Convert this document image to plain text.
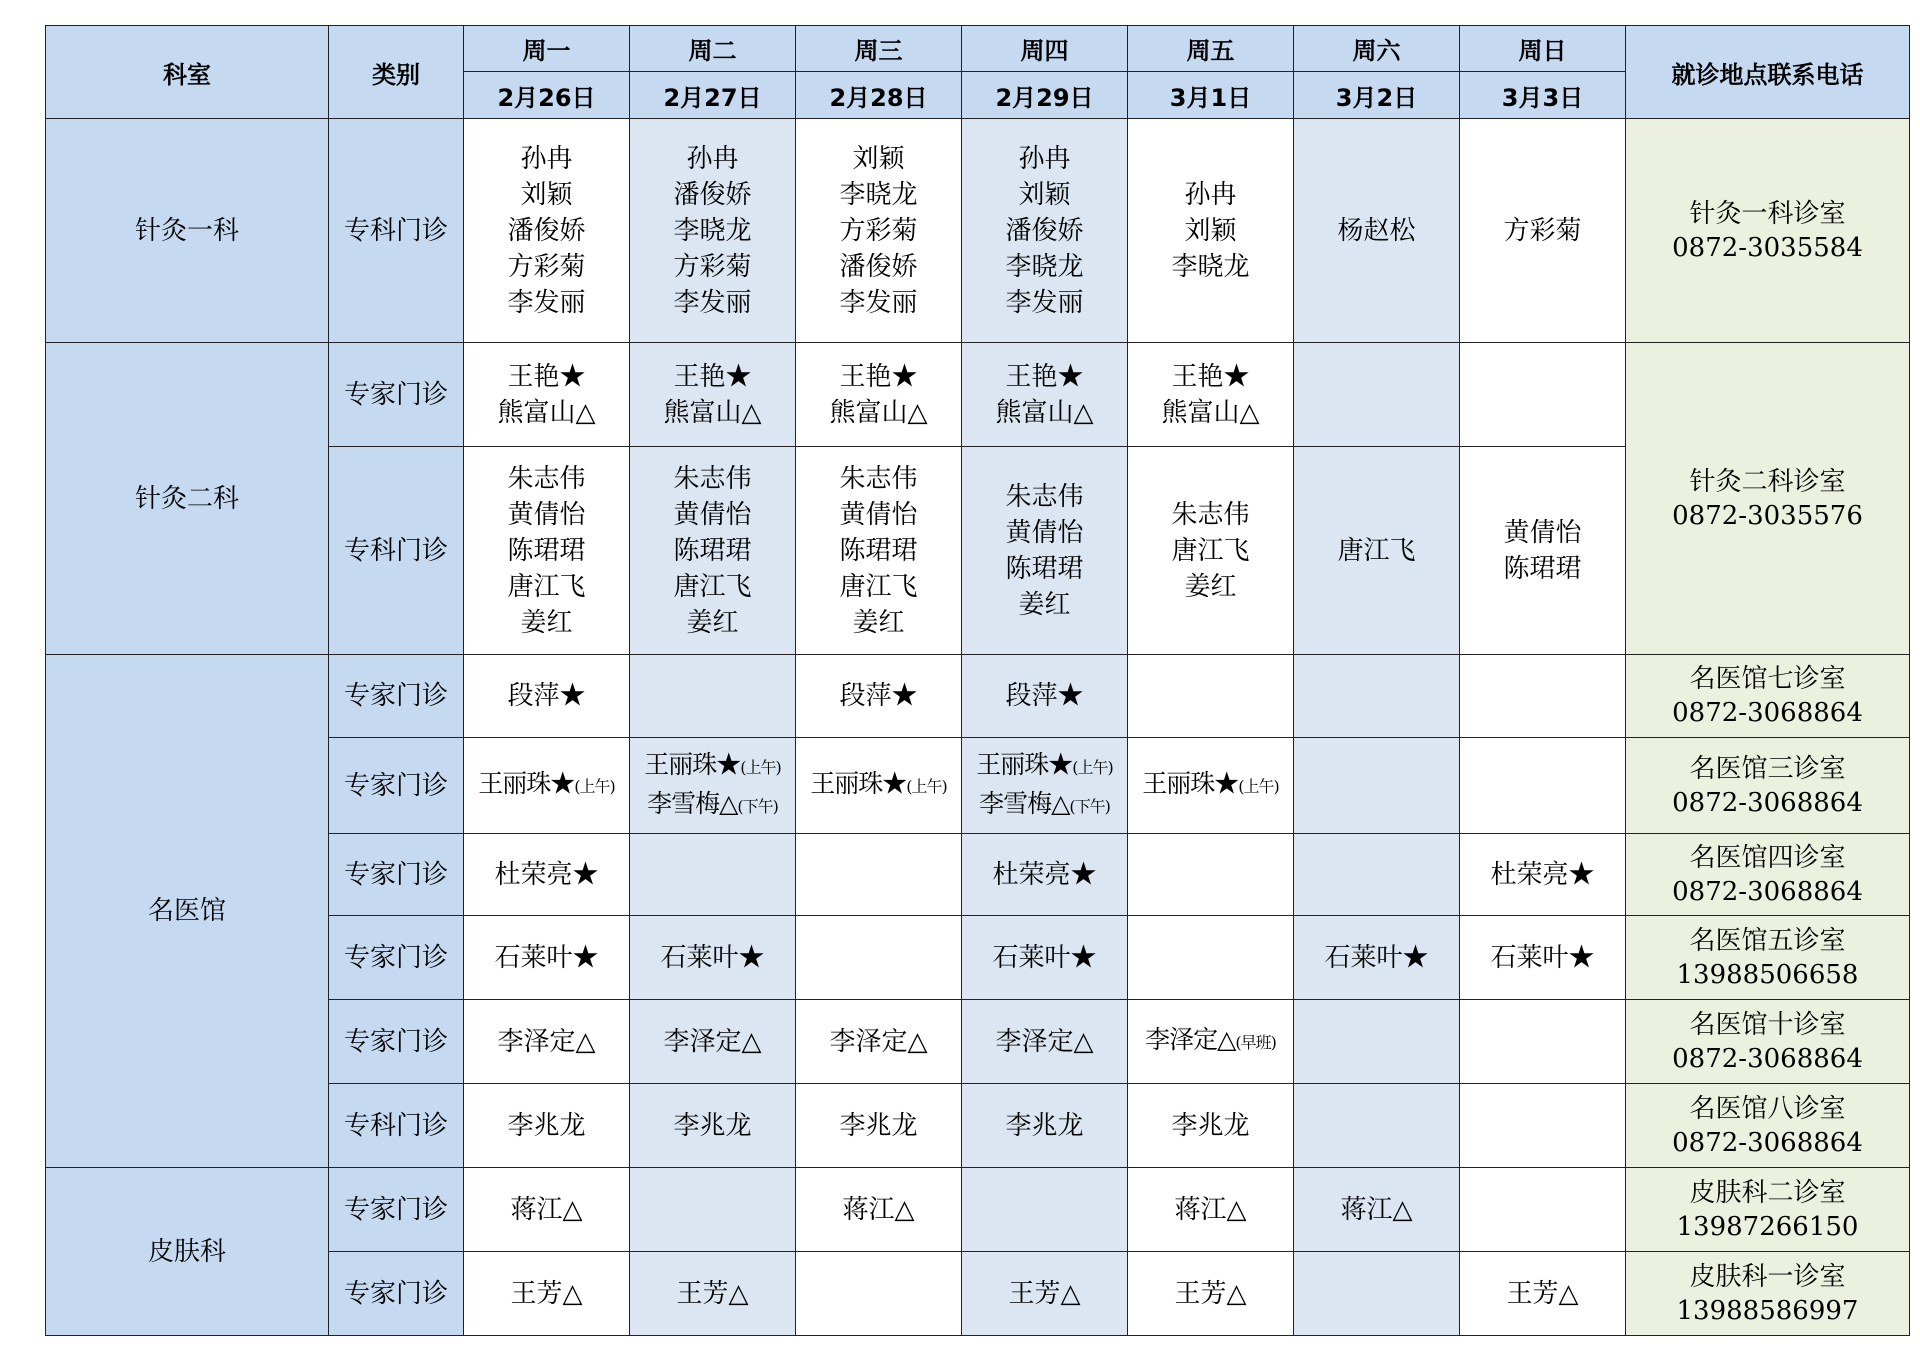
科室	类别	周一	周二	周三	周四	周五	周六	周日	就诊地点联系电话
		2月26日	2月27日	2月28日	2月29日	3月1日	3月2日	3月3日	
针灸一科	专科门诊	孙冉
刘颖
潘俊娇
方彩菊
李发丽	孙冉
潘俊娇
李晓龙
方彩菊
李发丽	刘颖
李晓龙
方彩菊
潘俊娇
李发丽	孙冉
刘颖
潘俊娇
李晓龙
李发丽	孙冉
刘颖
李晓龙	杨赵松	方彩菊	针灸一科诊室
0872-3035584

针灸二科	专家门诊	王艳★
熊富山△	王艳★
熊富山△	王艳★
熊富山△	王艳★
熊富山△	王艳★
熊富山△			针灸二科诊室
0872-3035576

	专科门诊	朱志伟
黄倩怡
陈珺珺
唐江飞
姜红	朱志伟
黄倩怡
陈珺珺
唐江飞
姜红	朱志伟
黄倩怡
陈珺珺
唐江飞
姜红	朱志伟
黄倩怡
陈珺珺
姜红	朱志伟
唐江飞
姜红	唐江飞	黄倩怡
陈珺珺	

名医馆	专家门诊	段萍★		段萍★	段萍★				名医馆七诊室
0872-3068864

	专家门诊	王丽珠★(上午)	王丽珠★(上午)
李雪梅△(下午)	王丽珠★(上午)	王丽珠★(上午)
李雪梅△(下午)	王丽珠★(上午)			名医馆三诊室
0872-3068864

	专家门诊	杜荣亮★			杜荣亮★			杜荣亮★	名医馆四诊室
0872-3068864

	专家门诊	石莱叶★	石莱叶★		石莱叶★		石莱叶★	石莱叶★	名医馆五诊室
13988506658

	专家门诊	李泽定△	李泽定△	李泽定△	李泽定△	李泽定△(早班)			名医馆十诊室
0872-3068864

	专科门诊	李兆龙	李兆龙	李兆龙	李兆龙	李兆龙			名医馆八诊室
0872-3068864

皮肤科	专家门诊	蒋江△		蒋江△		蒋江△	蒋江△		皮肤科二诊室
13987266150

	专家门诊	王芳△	王芳△		王芳△	王芳△		王芳△	皮肤科一诊室
13988586997
